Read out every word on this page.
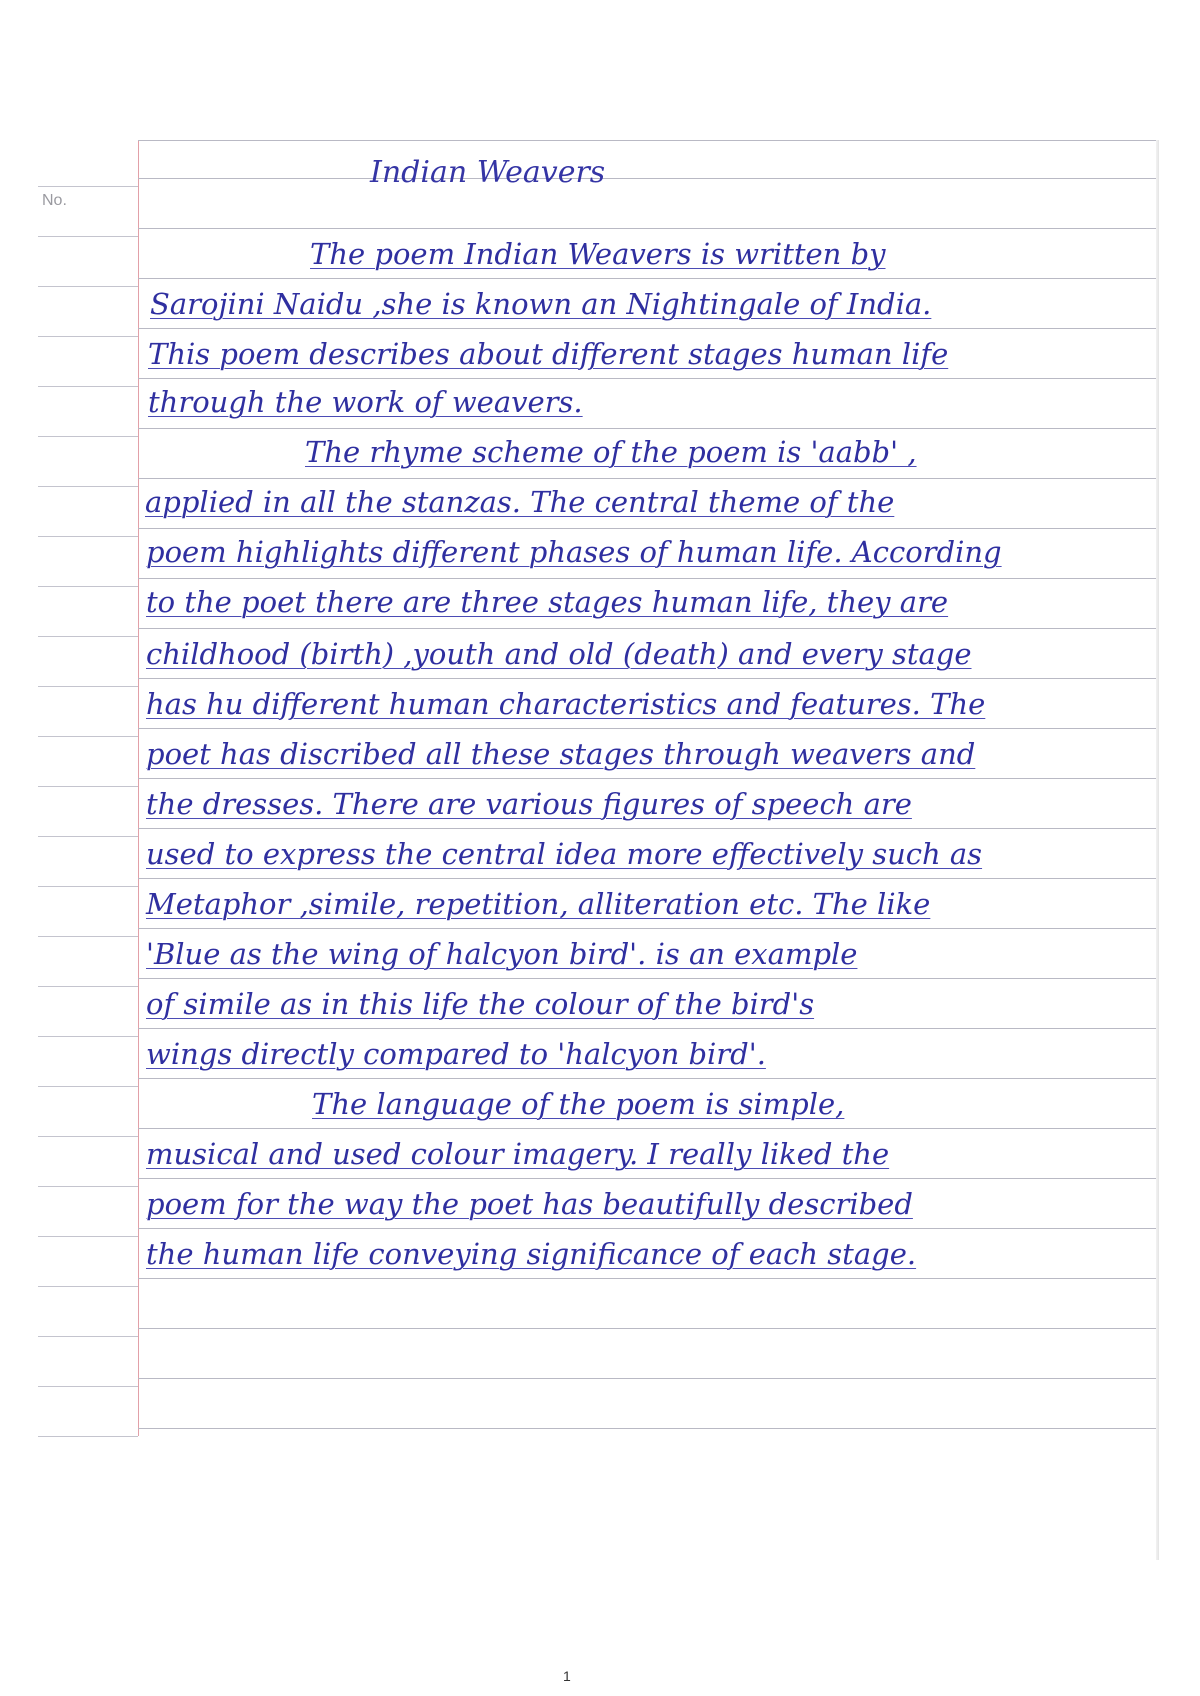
No.
Indian Weavers
The poem Indian Weavers is written by
Sarojini Naidu ,she is known an Nightingale of India.
This poem describes about different stages human life
through the work of weavers.
The rhyme scheme of the poem is 'aabb' ,
applied in all the stanzas. The central theme of the
poem highlights different phases of human life. According
to the poet there are three stages human life, they are
childhood (birth) ,youth and old (death) and every stage
has hu different human characteristics and features. The
poet has discribed all these stages through weavers and
the dresses. There are various figures of speech are
used to express the central idea more effectively such as
Metaphor ,simile, repetition, alliteration etc. The like
'Blue as the wing of halcyon bird'. is an example
of simile as in this life the colour of the bird's
wings directly compared to 'halcyon bird'.
The language of the poem is simple,
musical and used colour imagery. I really liked the
poem for the way the poet has beautifully described
the human life conveying significance of each stage.
1
